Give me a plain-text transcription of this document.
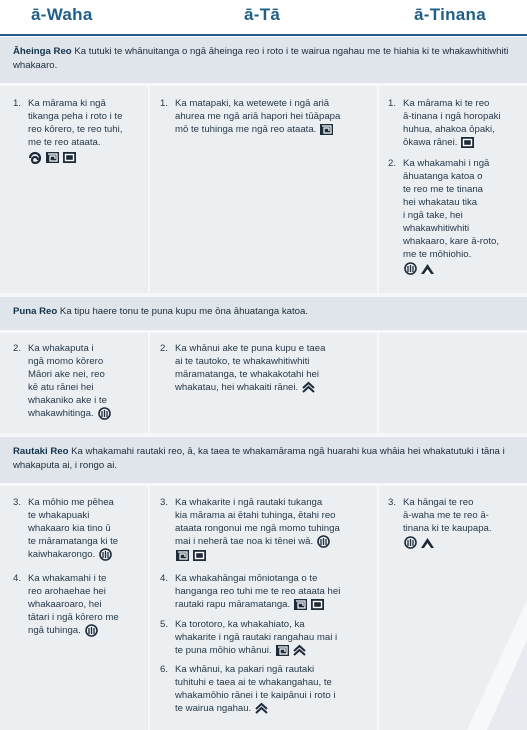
ā-Waha	ā-Tā	ā-Tinana
Āheinga Reo Ka tutuki te whānuitanga o ngā āheinga reo i roto i te wairua ngahau me te hiahia ki te whakawhitiwhiti whakaaro.
1. Ka mārama ki ngā
tikanga peha i roto i te
reo kōrero, te reo tuhi,
me te reo ataata.
1. Ka matapaki, ka wetewete i ngā ariā
ahurea me ngā ariā hapori hei tūāpapa
mō te tuhinga me ngā reo ataata.
1. Ka mārama ki te reo
ā-tinana i ngā horopaki
huhua, ahakoa ōpaki,
ōkawa rānei.
2. Ka whakamahi i ngā
āhuatanga katoa o
te reo me te tinana
hei whakatau tika
i ngā take, hei
whakawhitiwhiti
whakaaro, kare ā-roto,
me te mōhiohio.
Puna Reo Ka tipu haere tonu te puna kupu me ōna āhuatanga katoa.
2. Ka whakaputa i
ngā momo kōrero
Māori ake nei, reo
kē atu rānei hei
whakaniko ake i te
whakawhitinga.
2. Ka whānui ake te puna kupu e taea
ai te tautoko, te whakawhitiwhiti
māramatanga, te whakakotahi hei
whakatau, hei whakaiti rānei.
Rautaki Reo Ka whakamahi rautaki reo, ā, ka taea te whakamārama ngā huarahi kua whāia hei whakatutuki i tāna i whakaputa ai, i rongo ai.
3. Ka mōhio me pēhea
te whakapuaki
whakaaro kia tino ū
te māramatanga ki te
kaiwhakarongo.
4. Ka whakamahi i te
reo arohaehae hei
whakaaroaro, hei
tātari i ngā kōrero me
ngā tuhinga.
3. Ka whakarite i ngā rautaki tukanga
kia mārama ai ētahi tuhinga, ētahi reo
ataata rongonui me ngā momo tuhinga
mai i neherā tae noa ki tēnei wā.
4. Ka whakahāngai mōniotanga o te
hanganga reo tuhi me te reo ataata hei
rautaki rapu māramatanga.
5. Ka torotoro, ka whakahiato, ka
whakarite i ngā rautaki rangahau mai i
te puna mōhio whānui.
6. Ka whānui, ka pakari ngā rautaki
tuhituhi e taea ai te whakangahau, te
whakamōhio rānei i te kaipānui i roto i
te wairua ngahau.
3. Ka hāngai te reo
ā-waha me te reo ā-
tinana ki te kaupapa.
